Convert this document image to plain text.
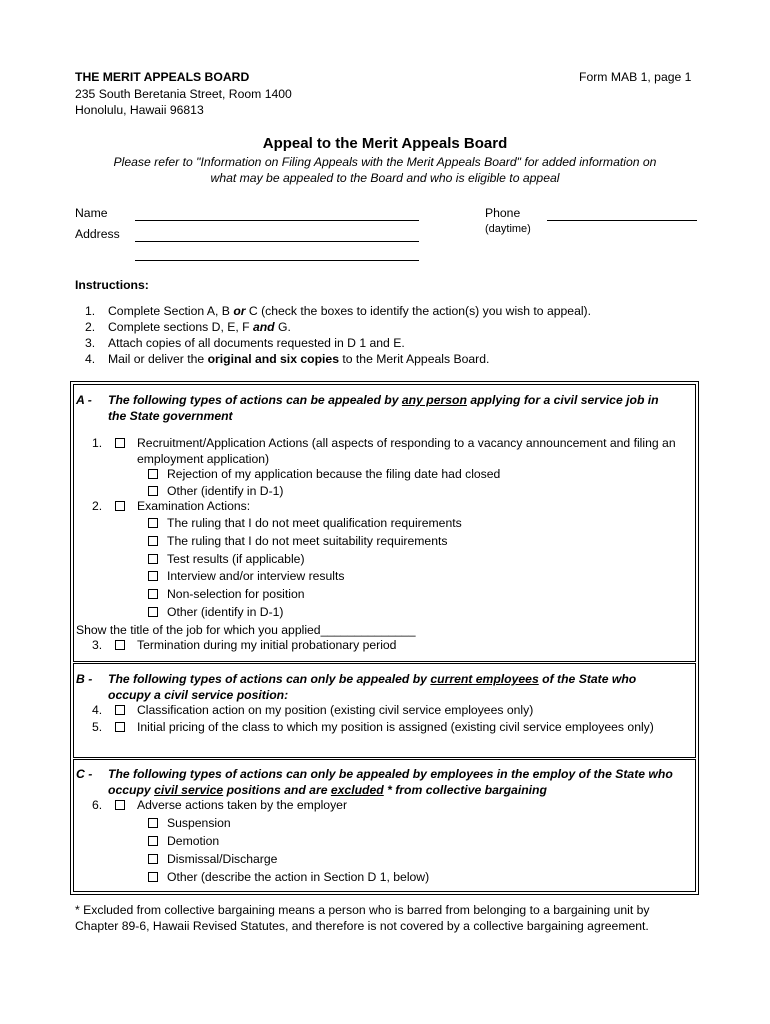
THE MERIT APPEALS BOARD
235 South Beretania Street, Room 1400
Honolulu, Hawaii 96813
Form MAB 1, page 1
Appeal to the Merit Appeals Board
Please refer to "Information on Filing Appeals with the Merit Appeals Board" for added information on
what may be appealed to the Board and who is eligible to appeal
Name
Address
Phone
(daytime)
Instructions:
1. Complete Section A, B or C (check the boxes to identify the action(s) you wish to appeal).
2. Complete sections D, E, F and G.
3. Attach copies of all documents requested in D 1 and E.
4. Mail or deliver the original and six copies to the Merit Appeals Board.
A - The following types of actions can be appealed by any person applying for a civil service job in
the State government
1.	Recruitment/Application Actions (all aspects of responding to a vacancy announcement and filing an
employment application)
Rejection of my application because the filing date had closed
Other (identify in D-1)
2.	Examination Actions:
The ruling that I do not meet qualification requirements
The ruling that I do not meet suitability requirements
Test results (if applicable)
Interview and/or interview results
Non-selection for position
Other (identify in D-1)
Show the title of the job for which you applied______________
3.	Termination during my initial probationary period
B - The following types of actions can only be appealed by current employees of the State who
occupy a civil service position:
4.	Classification action on my position (existing civil service employees only)
5.	Initial pricing of the class to which my position is assigned (existing civil service employees only)
C - The following types of actions can only be appealed by employees in the employ of the State who
occupy civil service positions and are excluded * from collective bargaining
6.	Adverse actions taken by the employer
Suspension
Demotion
Dismissal/Discharge
Other (describe the action in Section D 1, below)
* Excluded from collective bargaining means a person who is barred from belonging to a bargaining unit by
Chapter 89-6, Hawaii Revised Statutes, and therefore is not covered by a collective bargaining agreement.
